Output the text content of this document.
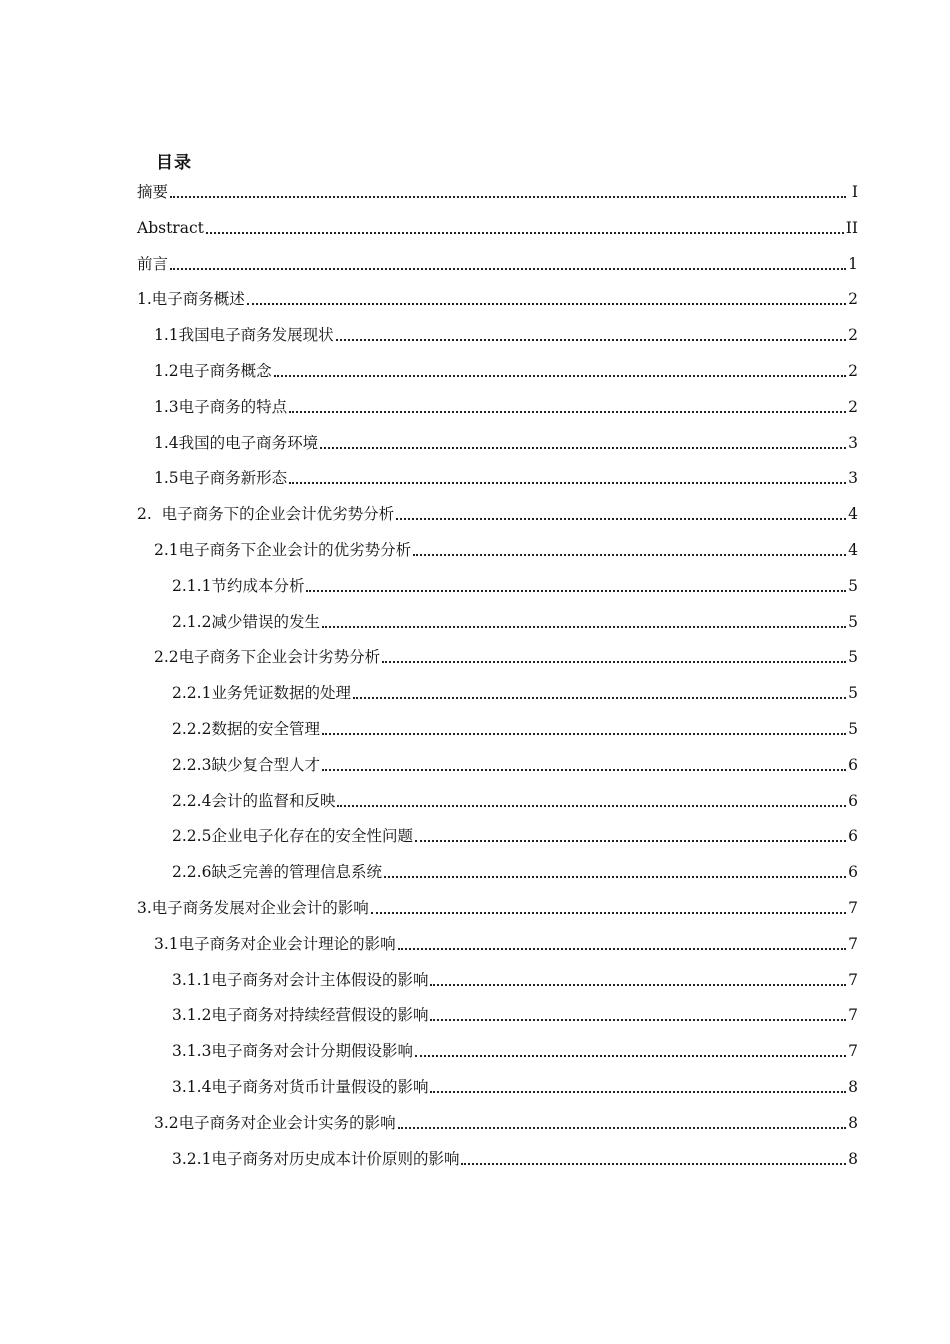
目录
摘要	I
Abstract	II
前言	1
1.电子商务概述	2
1.1我国电子商务发展现状	2
1.2电子商务概念	2
1.3电子商务的特点	2
1.4我国的电子商务环境	3
1.5电子商务新形态	3
2.  电子商务下的企业会计优劣势分析	4
2.1电子商务下企业会计的优劣势分析	4
2.1.1节约成本分析	5
2.1.2减少错误的发生	5
2.2电子商务下企业会计劣势分析	5
2.2.1业务凭证数据的处理	5
2.2.2数据的安全管理	5
2.2.3缺少复合型人才	6
2.2.4会计的监督和反映	6
2.2.5企业电子化存在的安全性问题	6
2.2.6缺乏完善的管理信息系统	6
3.电子商务发展对企业会计的影响	7
3.1电子商务对企业会计理论的影响	7
3.1.1电子商务对会计主体假设的影响	7
3.1.2电子商务对持续经营假设的影响	7
3.1.3电子商务对会计分期假设影响	7
3.1.4电子商务对货币计量假设的影响	8
3.2电子商务对企业会计实务的影响	8
3.2.1电子商务对历史成本计价原则的影响	8
